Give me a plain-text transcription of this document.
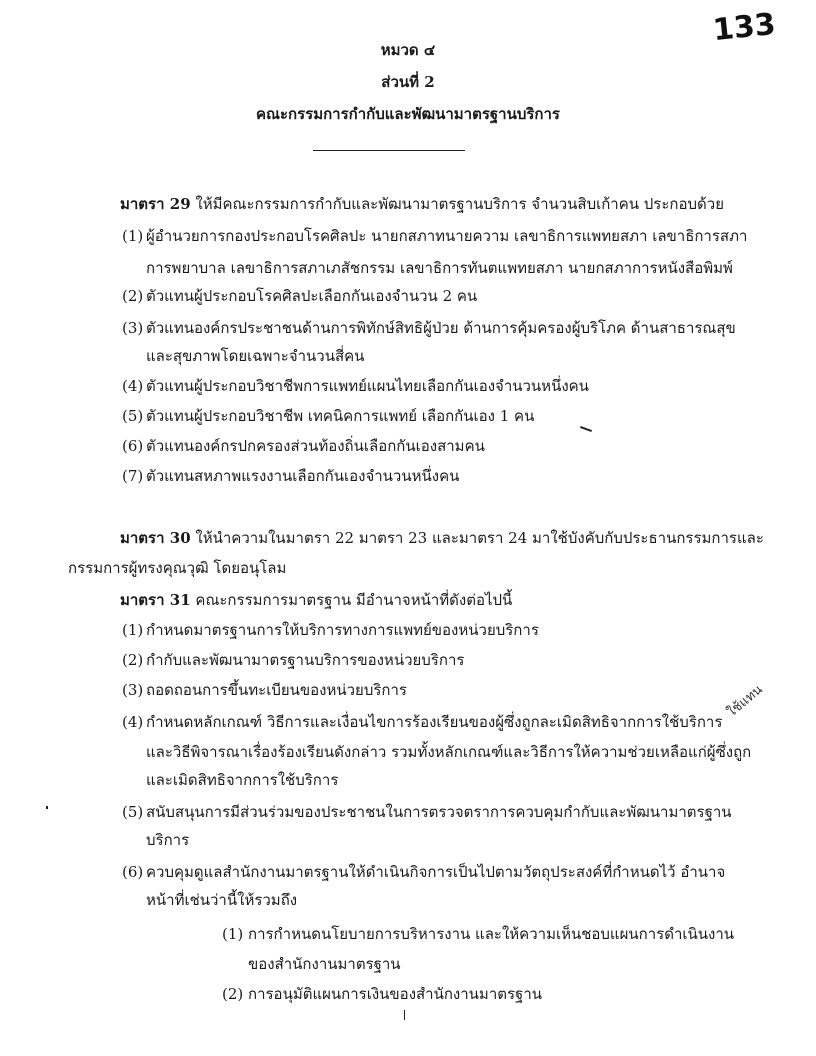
133
หมวด ๔
ส่วนที่ 2
คณะกรรมการกำกับและพัฒนามาตรฐานบริการ
มาตรา 29 ให้มีคณะกรรมการกำกับและพัฒนามาตรฐานบริการ จำนวนสิบเก้าคน ประกอบด้วย
(1) ผู้อำนวยการกองประกอบโรคศิลปะ นายกสภาทนายความ เลขาธิการแพทยสภา เลขาธิการสภา
การพยาบาล เลขาธิการสภาเภสัชกรรม เลขาธิการทันตแพทยสภา นายกสภาการหนังสือพิมพ์
(2) ตัวแทนผู้ประกอบโรคศิลปะเลือกกันเองจำนวน 2 คน
(3) ตัวแทนองค์กรประชาชนด้านการพิทักษ์สิทธิผู้ป่วย ด้านการคุ้มครองผู้บริโภค ด้านสาธารณสุข
และสุขภาพโดยเฉพาะจำนวนสี่คน
(4) ตัวแทนผู้ประกอบวิชาชีพการแพทย์แผนไทยเลือกกันเองจำนวนหนึ่งคน
(5) ตัวแทนผู้ประกอบวิชาชีพ เทคนิคการแพทย์ เลือกกันเอง 1 คน
(6) ตัวแทนองค์กรปกครองส่วนท้องถิ่นเลือกกันเองสามคน
(7) ตัวแทนสหภาพแรงงานเลือกกันเองจำนวนหนึ่งคน
มาตรา 30 ให้นำความในมาตรา 22 มาตรา 23 และมาตรา 24 มาใช้บังคับกับประธานกรรมการและ
กรรมการผู้ทรงคุณวุฒิ โดยอนุโลม
มาตรา 31 คณะกรรมการมาตรฐาน มีอำนาจหน้าที่ดังต่อไปนี้
(1) กำหนดมาตรฐานการให้บริการทางการแพทย์ของหน่วยบริการ
(2) กำกับและพัฒนามาตรฐานบริการของหน่วยบริการ
(3) ถอดถอนการขึ้นทะเบียนของหน่วยบริการ
(4) กำหนดหลักเกณฑ์ วิธีการและเงื่อนไขการร้องเรียนของผู้ซึ่งถูกละเมิดสิทธิจากการใช้บริการ
และวิธีพิจารณาเรื่องร้องเรียนดังกล่าว รวมทั้งหลักเกณฑ์และวิธีการให้ความช่วยเหลือแก่ผู้ซึ่งถูก
และเมิดสิทธิจากการใช้บริการ
(5) สนับสนุนการมีส่วนร่วมของประชาชนในการตรวจตราการควบคุมกำกับและพัฒนามาตรฐาน
บริการ
(6) ควบคุมดูแลสำนักงานมาตรฐานให้ดำเนินกิจการเป็นไปตามวัตถุประสงค์ที่กำหนดไว้ อำนาจ
หน้าที่เช่นว่านี้ให้รวมถึง
(1) การกำหนดนโยบายการบริหารงาน และให้ความเห็นชอบแผนการดำเนินงาน
ของสำนักงานมาตรฐาน
(2) การอนุมัติแผนการเงินของสำนักงานมาตรฐาน
ใช้แทน
